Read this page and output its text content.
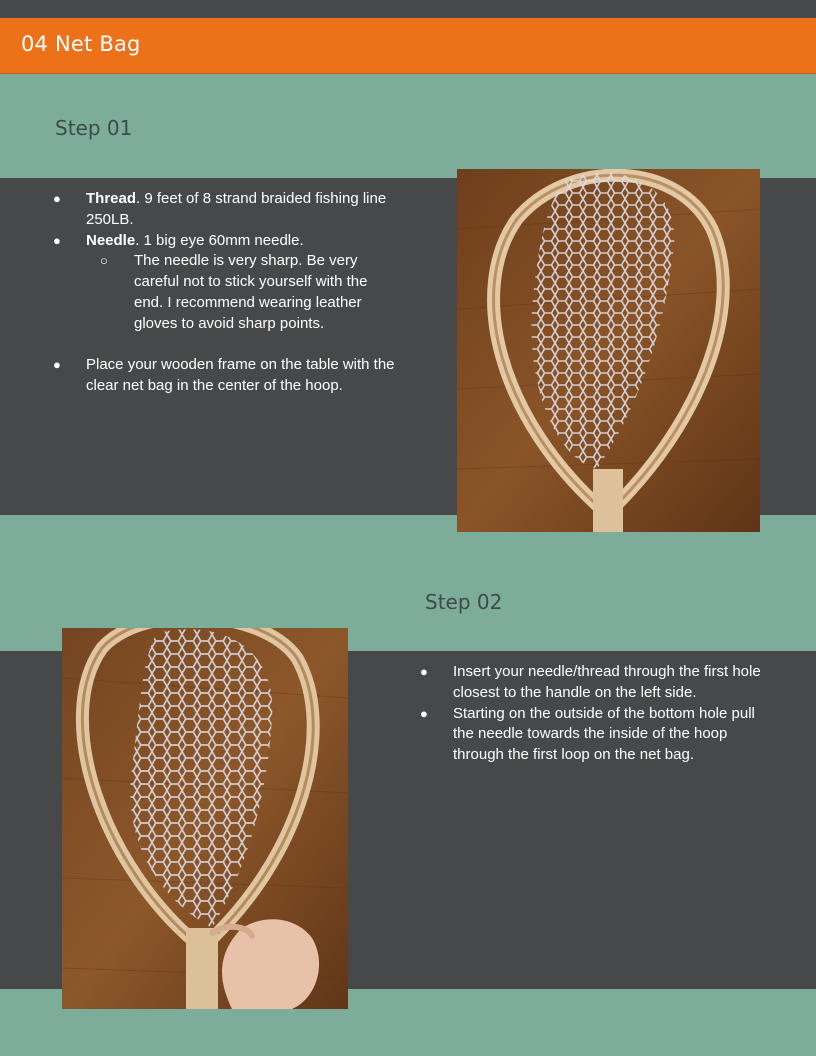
04 Net Bag
Step 01
Step 02
● Thread. 9 feet of 8 strand braided fishing line 250LB.
● Needle. 1 big eye 60mm needle.
○ The needle is very sharp. Be very careful not to stick yourself with the end. I recommend wearing leather gloves to avoid sharp points.
● Place your wooden frame on the table with the clear net bag in the center of the hoop.
● Insert your needle/thread through the first hole closest to the handle on the left side.
● Starting on the outside of the bottom hole pull the needle towards the inside of the hoop through the first loop on the net bag.
